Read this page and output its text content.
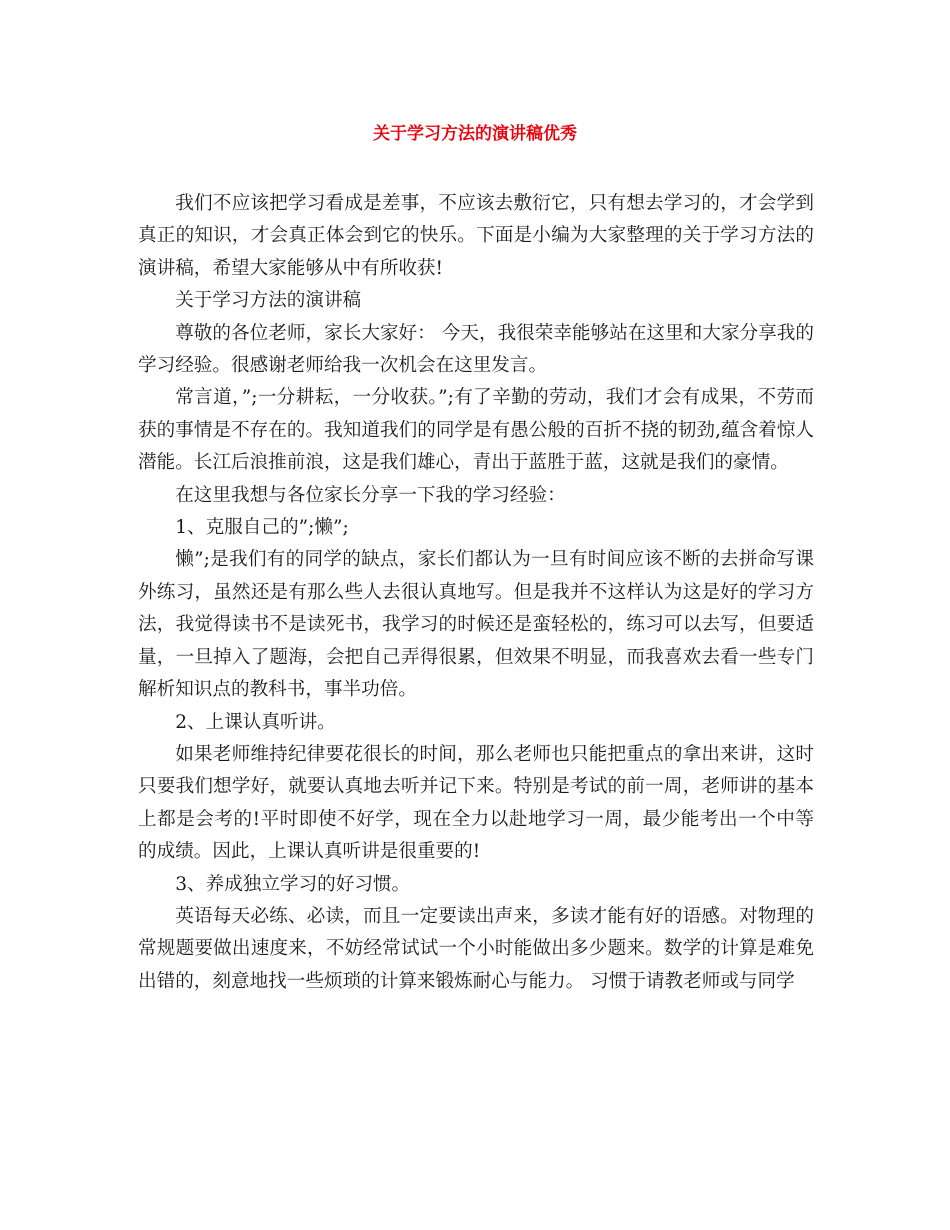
关于学习方法的演讲稿优秀

我们不应该把学习看成是差事，不应该去敷衍它，只有想去学习的，才会学到真正的知识，才会真正体会到它的快乐。下面是小编为大家整理的关于学习方法的演讲稿，希望大家能够从中有所收获!

关于学习方法的演讲稿

尊敬的各位老师，家长大家好： 今天，我很荣幸能够站在这里和大家分享我的学习经验。很感谢老师给我一次机会在这里发言。

常言道，”;一分耕耘，一分收获。”;有了辛勤的劳动，我们才会有成果，不劳而获的事情是不存在的。我知道我们的同学是有愚公般的百折不挠的韧劲,蕴含着惊人潜能。长江后浪推前浪，这是我们雄心，青出于蓝胜于蓝，这就是我们的豪情。

在这里我想与各位家长分享一下我的学习经验：

1、克服自己的”;懒”;

懒”;是我们有的同学的缺点，家长们都认为一旦有时间应该不断的去拼命写课外练习，虽然还是有那么些人去很认真地写。但是我并不这样认为这是好的学习方法，我觉得读书不是读死书，我学习的时候还是蛮轻松的，练习可以去写，但要适量，一旦掉入了题海，会把自己弄得很累，但效果不明显，而我喜欢去看一些专门解析知识点的教科书，事半功倍。

2、上课认真听讲。

如果老师维持纪律要花很长的时间，那么老师也只能把重点的拿出来讲，这时只要我们想学好，就要认真地去听并记下来。特别是考试的前一周，老师讲的基本上都是会考的!平时即使不好学，现在全力以赴地学习一周，最少能考出一个中等的成绩。因此，上课认真听讲是很重要的!

3、养成独立学习的好习惯。

英语每天必练、必读，而且一定要读出声来，多读才能有好的语感。对物理的常规题要做出速度来，不妨经常试试一个小时能做出多少题来。数学的计算是难免出错的，刻意地找一些烦琐的计算来锻炼耐心与能力。 习惯于请教老师或与同学
